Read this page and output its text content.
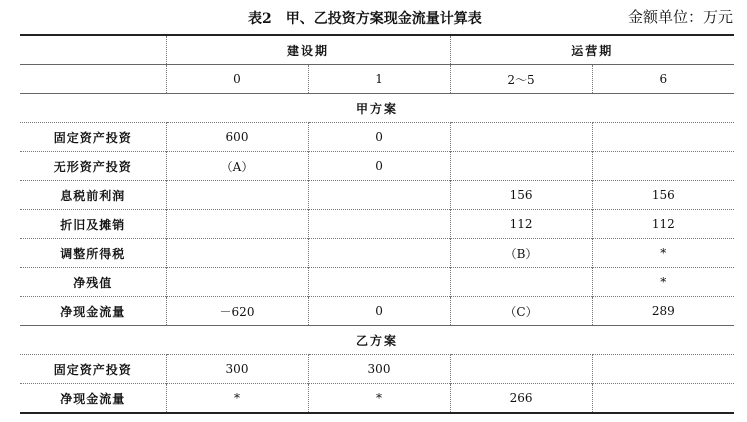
表2　甲、乙投资方案现金流量计算表	金额单位：万元
	建设期		运营期	
	0	1	2～5	6
甲方案				
固定资产投资	600	0		
无形资产投资	（A）	0		
息税前利润			156	156
折旧及摊销			112	112
调整所得税			（B）	*
净残值				*
净现金流量	－620	0	（C）	289
乙方案				
固定资产投资	300	300		
净现金流量	*	*	266	
